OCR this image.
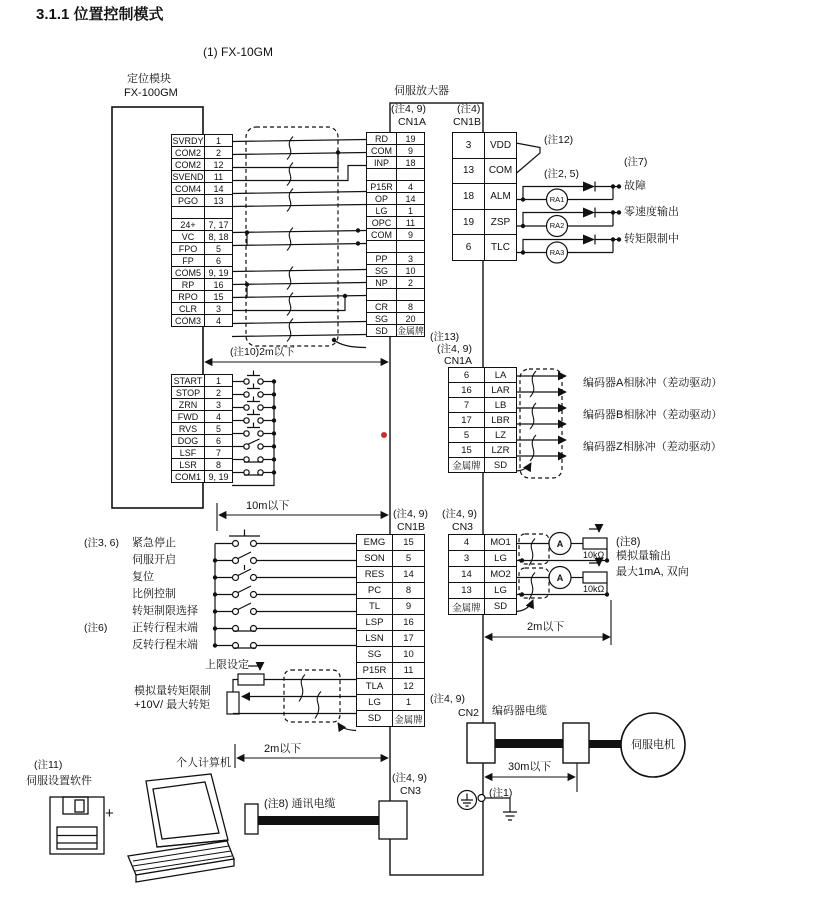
3.1.1 位置控制模式
(1) FX-10GM
定位模块
FX-100GM	伺服放大器
(注4, 9)
CN1A
(注4)
CN1B
(注12)
(注2, 5)
(注7)
故障
零速度输出
转矩限制中
RA1
RA2
RA3
(注13)
(注4, 9)
CN1A
编码器A相脉冲（差动驱动）
编码器B相脉冲（差动驱动）
编码器Z相脉冲（差动驱动）
(注10)2m以下
10m以下
(注4, 9)
CN1B
(注4, 9)
CN3
(注3, 6) 紧急停止
伺服开启
复位
比例控制
转矩制限选择
(注6) 正转行程末端
反转行程末端
上限设定
模拟量转矩限制
+10V/ 最大转矩
2m以下
A
A
10kΩ
10kΩ
(注8)
模拟量输出
最大1mA, 双向
2m以下
(注4, 9)
CN2 编码器电缆
伺服电机
30m以下
(注1)
(注11)
伺服设置软件
个人计算机
+
(注8) 通讯电缆
(注4, 9)
CN3
SVRDY	1
COM2	2
COM2	12
SVEND	11
COM4	14
PGO	13
24+	7, 17
VC	8, 18
FPO	5
FP	6
COM5 9, 19
RP	16
RPO	15
CLR	3
COM3	4
START	1
STOP	2
ZRN	3
FWD	4
RVS	5
DOG	6
LSF	7
LSR	8
COM1 9, 19
RD	19
COM	9
INP	18
P15R	4
OP	14
LG	1
OPC	11
COM	9
PP	3
SG	10
NP	2
CR	8
SG	20
SD	金属牌
3	VDD
13	COM
18	ALM
19	ZSP
6	TLC
6	LA
16	LAR
7	LB
17	LBR
5	LZ
15	LZR
金属牌	SD
EMG	15
SON	5
RES	14
PC	8
TL	9
LSP	16
LSN	17
SG	10
P15R	11
TLA	12
LG	1
SD	金属牌
4	MO1
3	LG
14	MO2
13	LG
金属牌	SD
